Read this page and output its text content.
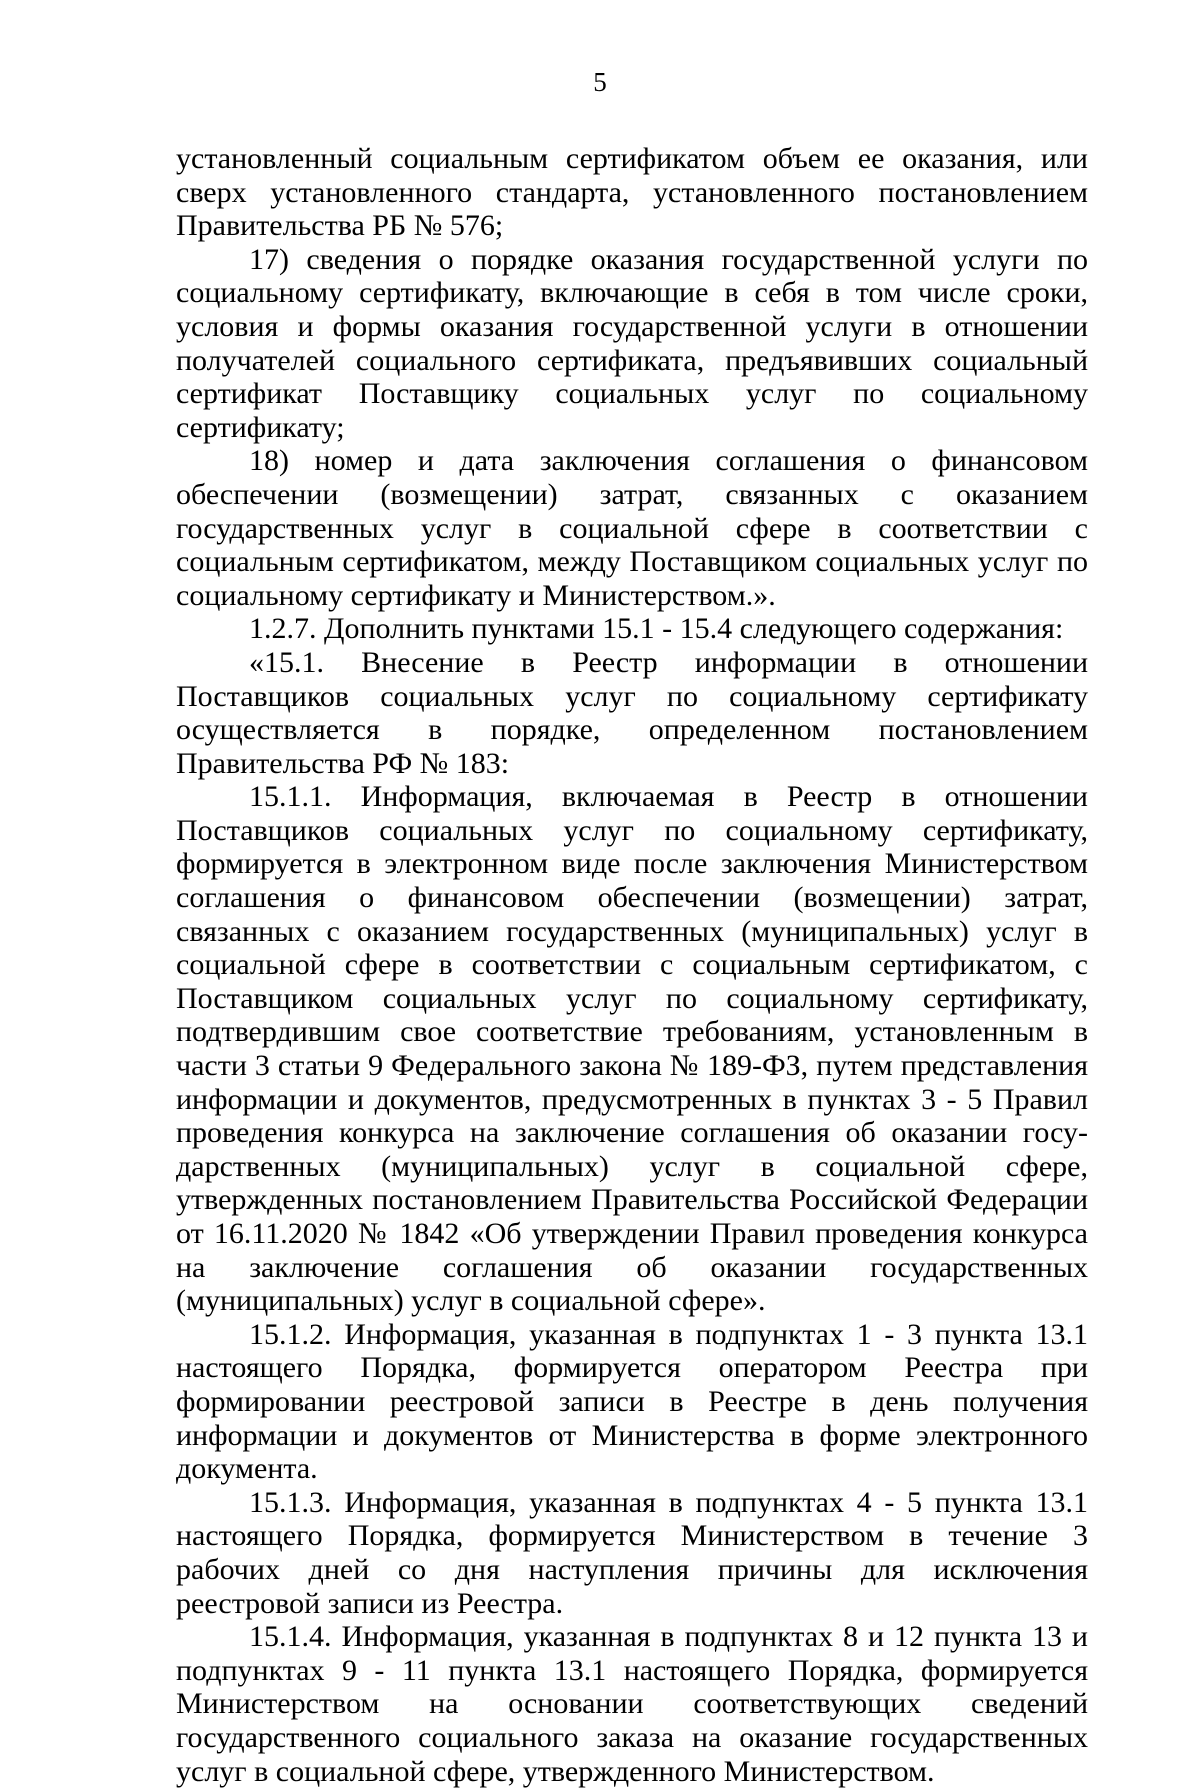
5

установленный социальным сертификатом объем ее оказания, или сверх установленного стандарта, установленного постановлением Правительства РБ № 576;

17) сведения о порядке оказания государственной услуги по социальному сертификату, включающие в себя в том числе сроки, условия и формы оказания государственной услуги в отношении получателей социального сертификата, предъявивших социальный сертификат Поставщику социальных услуг по социальному сертификату;

18) номер и дата заключения соглашения о финансовом обеспечении (возмещении) затрат, связанных с оказанием государственных услуг в социальной сфере в соответствии с социальным сертификатом, между Поставщиком социальных услуг по социальному сертификату и Министерством.».

1.2.7. Дополнить пунктами 15.1 - 15.4 следующего содержания:

«15.1. Внесение в Реестр информации в отношении Поставщиков социальных услуг по социальному сертификату осуществляется в порядке, определенном постановлением Правительства РФ № 183:

15.1.1. Информация, включаемая в Реестр в отношении Поставщиков социальных услуг по социальному сертификату, формируется в электронном виде после заключения Министерством соглашения о финансовом обеспечении (возмещении) затрат, связанных с оказанием государственных (муниципальных) услуг в социальной сфере в соответствии с социальным сертификатом, с Поставщиком социальных услуг по социальному сертификату, подтвердившим свое соответствие требованиям, установленным в части 3 статьи 9 Федерального закона № 189-ФЗ, путем представления информации и документов, предусмотренных в пунктах 3 - 5 Правил проведения конкурса на заключение соглашения об оказании государственных (муниципальных) услуг в социальной сфере, утвержденных постановлением Правительства Российской Федерации от 16.11.2020 № 1842 «Об утверждении Правил проведения конкурса на заключение соглашения об оказании государственных (муниципальных) услуг в социальной сфере».

15.1.2. Информация, указанная в подпунктах 1 - 3 пункта 13.1 настоящего Порядка, формируется оператором Реестра при формировании реестровой записи в Реестре в день получения информации и документов от Министерства в форме электронного документа.

15.1.3. Информация, указанная в подпунктах 4 - 5 пункта 13.1 настоящего Порядка, формируется Министерством в течение 3 рабочих дней со дня наступления причины для исключения реестровой записи из Реестра.

15.1.4. Информация, указанная в подпунктах 8 и 12 пункта 13 и подпунктах 9 - 11 пункта 13.1 настоящего Порядка, формируется Министерством на основании соответствующих сведений государственного социального заказа на оказание государственных услуг в социальной сфере, утвержденного Министерством.
